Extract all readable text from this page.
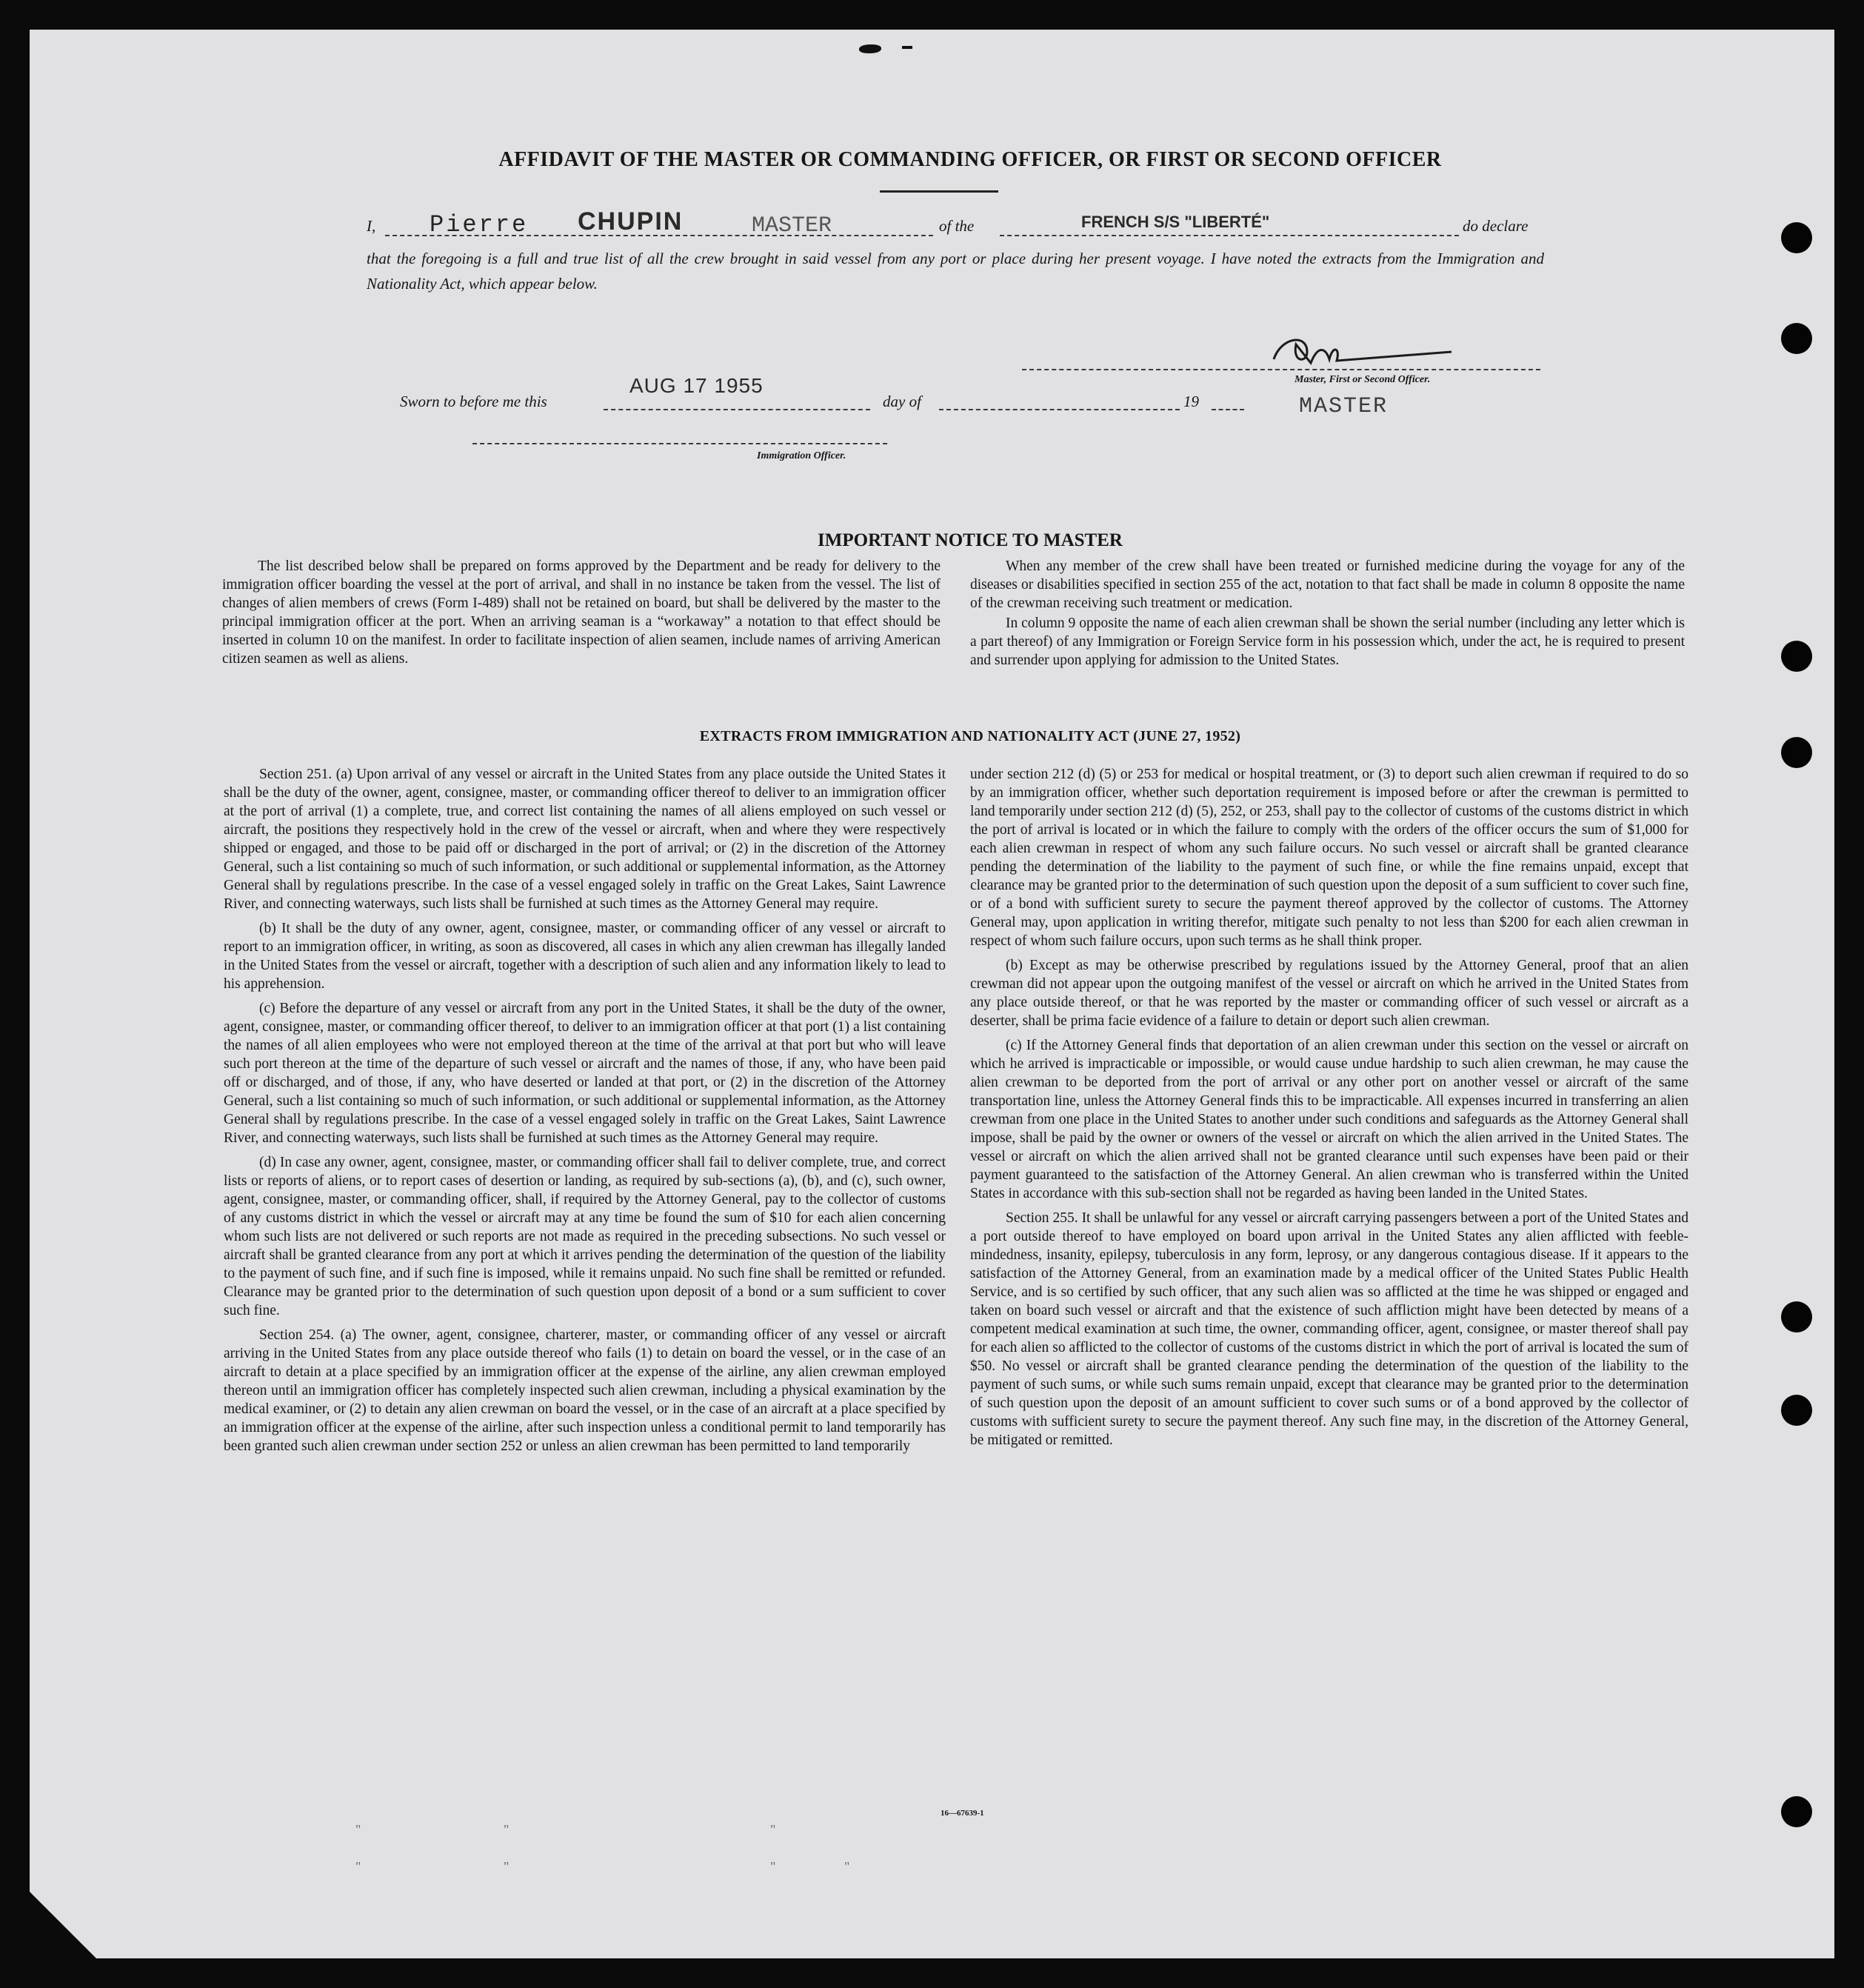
AFFIDAVIT OF THE MASTER OR COMMANDING OFFICER, OR FIRST OR SECOND OFFICER
I, Pierre CHUPIN	MASTER	of the	FRENCH S/S "LIBERTÉ"	do declare
that the foregoing is a full and true list of all the crew brought in said vessel from any port or place during her present voyage. I have noted the extracts from the Immigration and Nationality Act, which appear below.
Master, First or Second Officer.
Sworn to before me this
AUG 17 1955
day of	19	MASTER
Immigration Officer.
IMPORTANT NOTICE TO MASTER

The list described below shall be prepared on forms approved by the Department and be ready for delivery to the immigration officer boarding the vessel at the port of arrival, and shall in no instance be taken from the vessel. The list of changes of alien members of crews (Form I-489) shall not be retained on board, but shall be delivered by the master to the principal immigration officer at the port. When an arriving seaman is a “workaway” a notation to that effect should be inserted in column 10 on the manifest. In order to facilitate inspection of alien seamen, include names of arriving American citizen seamen as well as aliens.

When any member of the crew shall have been treated or furnished medicine during the voyage for any of the diseases or disabilities specified in section 255 of the act, notation to that fact shall be made in column 8 opposite the name of the crewman receiving such treatment or medication.

In column 9 opposite the name of each alien crewman shall be shown the serial number (including any letter which is a part thereof) of any Immigration or Foreign Service form in his possession which, under the act, he is required to present and surrender upon applying for admission to the United States.

EXTRACTS FROM IMMIGRATION AND NATIONALITY ACT (JUNE 27, 1952)

Section 251. (a) Upon arrival of any vessel or aircraft in the United States from any place outside the United States it shall be the duty of the owner, agent, consignee, master, or commanding officer thereof to deliver to an immigration officer at the port of arrival (1) a complete, true, and correct list containing the names of all aliens employed on such vessel or aircraft, the positions they respectively hold in the crew of the vessel or aircraft, when and where they were respectively shipped or engaged, and those to be paid off or discharged in the port of arrival; or (2) in the discretion of the Attorney General, such a list containing so much of such information, or such additional or supplemental information, as the Attorney General shall by regulations prescribe. In the case of a vessel engaged solely in traffic on the Great Lakes, Saint Lawrence River, and connecting waterways, such lists shall be furnished at such times as the Attorney General may require.

(b) It shall be the duty of any owner, agent, consignee, master, or commanding officer of any vessel or aircraft to report to an immigration officer, in writing, as soon as discovered, all cases in which any alien crewman has illegally landed in the United States from the vessel or aircraft, together with a description of such alien and any information likely to lead to his apprehension.

(c) Before the departure of any vessel or aircraft from any port in the United States, it shall be the duty of the owner, agent, consignee, master, or commanding officer thereof, to deliver to an immigration officer at that port (1) a list containing the names of all alien employees who were not employed thereon at the time of the arrival at that port but who will leave such port thereon at the time of the departure of such vessel or aircraft and the names of those, if any, who have been paid off or discharged, and of those, if any, who have deserted or landed at that port, or (2) in the discretion of the Attorney General, such a list containing so much of such information, or such additional or supplemental information, as the Attorney General shall by regulations prescribe. In the case of a vessel engaged solely in traffic on the Great Lakes, Saint Lawrence River, and connecting waterways, such lists shall be furnished at such times as the Attorney General may require.

(d) In case any owner, agent, consignee, master, or commanding officer shall fail to deliver complete, true, and correct lists or reports of aliens, or to report cases of desertion or landing, as required by sub-sections (a), (b), and (c), such owner, agent, consignee, master, or commanding officer, shall, if required by the Attorney General, pay to the collector of customs of any customs district in which the vessel or aircraft may at any time be found the sum of $10 for each alien concerning whom such lists are not delivered or such reports are not made as required in the preceding subsections. No such vessel or aircraft shall be granted clearance from any port at which it arrives pending the determination of the question of the liability to the payment of such fine, and if such fine is imposed, while it remains unpaid. No such fine shall be remitted or refunded. Clearance may be granted prior to the determination of such question upon deposit of a bond or a sum sufficient to cover such fine.

Section 254. (a) The owner, agent, consignee, charterer, master, or commanding officer of any vessel or aircraft arriving in the United States from any place outside thereof who fails (1) to detain on board the vessel, or in the case of an aircraft to detain at a place specified by an immigration officer at the expense of the airline, any alien crewman employed thereon until an immigration officer has completely inspected such alien crewman, including a physical examination by the medical examiner, or (2) to detain any alien crewman on board the vessel, or in the case of an aircraft at a place specified by an immigration officer at the expense of the airline, after such inspection unless a conditional permit to land temporarily has been granted such alien crewman under section 252 or unless an alien crewman has been permitted to land temporarily

under section 212 (d) (5) or 253 for medical or hospital treatment, or (3) to deport such alien crewman if required to do so by an immigration officer, whether such deportation requirement is imposed before or after the crewman is permitted to land temporarily under section 212 (d) (5), 252, or 253, shall pay to the collector of customs of the customs district in which the port of arrival is located or in which the failure to comply with the orders of the officer occurs the sum of $1,000 for each alien crewman in respect of whom any such failure occurs. No such vessel or aircraft shall be granted clearance pending the determination of the liability to the payment of such fine, or while the fine remains unpaid, except that clearance may be granted prior to the determination of such question upon the deposit of a sum sufficient to cover such fine, or of a bond with sufficient surety to secure the payment thereof approved by the collector of customs. The Attorney General may, upon application in writing therefor, mitigate such penalty to not less than $200 for each alien crewman in respect of whom such failure occurs, upon such terms as he shall think proper.

(b) Except as may be otherwise prescribed by regulations issued by the Attorney General, proof that an alien crewman did not appear upon the outgoing manifest of the vessel or aircraft on which he arrived in the United States from any place outside thereof, or that he was reported by the master or commanding officer of such vessel or aircraft as a deserter, shall be prima facie evidence of a failure to detain or deport such alien crewman.

(c) If the Attorney General finds that deportation of an alien crewman under this section on the vessel or aircraft on which he arrived is impracticable or impossible, or would cause undue hardship to such alien crewman, he may cause the alien crewman to be deported from the port of arrival or any other port on another vessel or aircraft of the same transportation line, unless the Attorney General finds this to be impracticable. All expenses incurred in transferring an alien crewman from one place in the United States to another under such conditions and safeguards as the Attorney General shall impose, shall be paid by the owner or owners of the vessel or aircraft on which the alien arrived in the United States. The vessel or aircraft on which the alien arrived shall not be granted clearance until such expenses have been paid or their payment guaranteed to the satisfaction of the Attorney General. An alien crewman who is transferred within the United States in accordance with this sub-section shall not be regarded as having been landed in the United States.

Section 255. It shall be unlawful for any vessel or aircraft carrying passengers between a port of the United States and a port outside thereof to have employed on board upon arrival in the United States any alien afflicted with feeble-mindedness, insanity, epilepsy, tuberculosis in any form, leprosy, or any dangerous contagious disease. If it appears to the satisfaction of the Attorney General, from an examination made by a medical officer of the United States Public Health Service, and is so certified by such officer, that any such alien was so afflicted at the time he was shipped or engaged and taken on board such vessel or aircraft and that the existence of such affliction might have been detected by means of a competent medical examination at such time, the owner, commanding officer, agent, consignee, or master thereof shall pay for each alien so afflicted to the collector of customs of the customs district in which the port of arrival is located the sum of $50. No vessel or aircraft shall be granted clearance pending the determination of the question of the liability to the payment of such sums, or while such sums remain unpaid, except that clearance may be granted prior to the determination of such question upon the deposit of an amount sufficient to cover such sums or of a bond approved by the collector of customs with sufficient surety to secure the payment thereof. Any such fine may, in the discretion of the Attorney General, be mitigated or remitted.

16—67639-1
"	"	"
"	"	"	"
